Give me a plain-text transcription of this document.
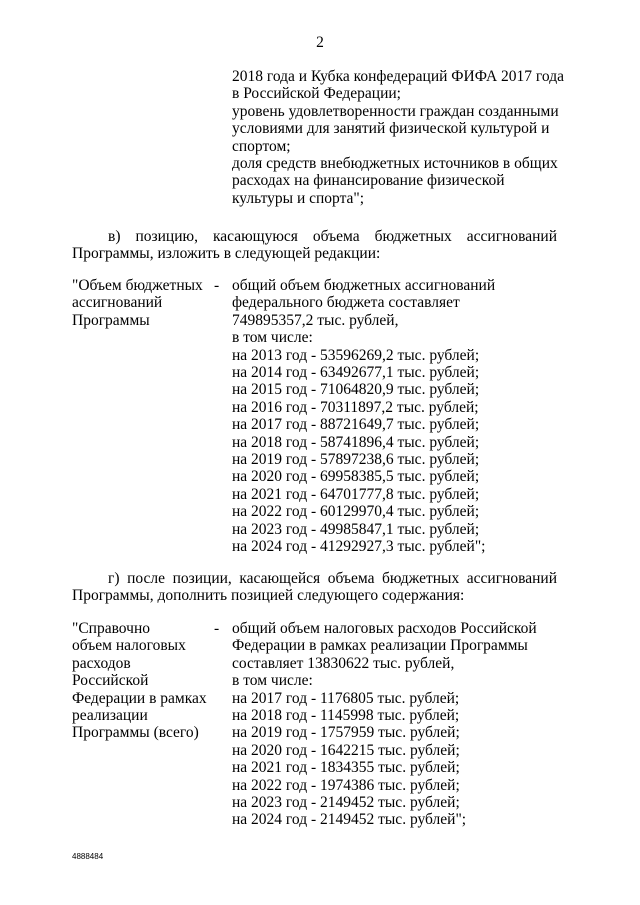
2
2018 года и Кубка конфедераций ФИФА 2017 года
в Российской Федерации;
уровень удовлетворенности граждан созданными
условиями для занятий физической культурой и
спортом;
доля средств внебюджетных источников в общих
расходах на финансирование физической
культуры и спорта";
в) позицию, касающуюся объема бюджетных ассигнований
Программы, изложить в следующей редакции:
"Объем бюджетных
ассигнований
Программы
- общий объем бюджетных ассигнований
федерального бюджета составляет
749895357,2 тыс. рублей,
в том числе:
на 2013 год - 53596269,2 тыс. рублей;
на 2014 год - 63492677,1 тыс. рублей;
на 2015 год - 71064820,9 тыс. рублей;
на 2016 год - 70311897,2 тыс. рублей;
на 2017 год - 88721649,7 тыс. рублей;
на 2018 год - 58741896,4 тыс. рублей;
на 2019 год - 57897238,6 тыс. рублей;
на 2020 год - 69958385,5 тыс. рублей;
на 2021 год - 64701777,8 тыс. рублей;
на 2022 год - 60129970,4 тыс. рублей;
на 2023 год - 49985847,1 тыс. рублей;
на 2024 год - 41292927,3 тыс. рублей";
г) после позиции, касающейся объема бюджетных ассигнований
Программы, дополнить позицией следующего содержания:
"Справочно
объем налоговых
расходов
Российской
Федерации в рамках
реализации
Программы (всего)
- общий объем налоговых расходов Российской
Федерации в рамках реализации Программы
составляет 13830622 тыс. рублей,
в том числе:
на 2017 год - 1176805 тыс. рублей;
на 2018 год - 1145998 тыс. рублей;
на 2019 год - 1757959 тыс. рублей;
на 2020 год - 1642215 тыс. рублей;
на 2021 год - 1834355 тыс. рублей;
на 2022 год - 1974386 тыс. рублей;
на 2023 год - 2149452 тыс. рублей;
на 2024 год - 2149452 тыс. рублей";
4888484
